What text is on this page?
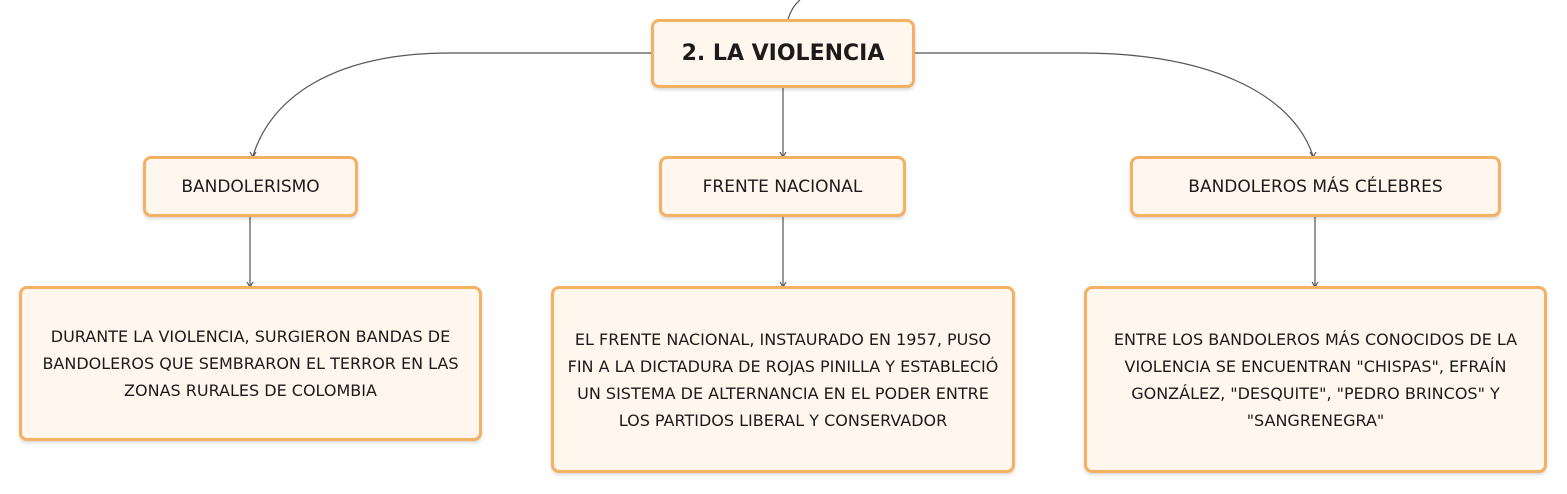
2. LA VIOLENCIA
BANDOLERISMO	FRENTE NACIONAL	BANDOLEROS MÁS CÉLEBRES
DURANTE LA VIOLENCIA, SURGIERON BANDAS DE BANDOLEROS QUE SEMBRARON EL TERROR EN LAS ZONAS RURALES DE COLOMBIA
EL FRENTE NACIONAL, INSTAURADO EN 1957, PUSO FIN A LA DICTADURA DE ROJAS PINILLA Y ESTABLECIÓ UN SISTEMA DE ALTERNANCIA EN EL PODER ENTRE LOS PARTIDOS LIBERAL Y CONSERVADOR
ENTRE LOS BANDOLEROS MÁS CONOCIDOS DE LA VIOLENCIA SE ENCUENTRAN "CHISPAS", EFRAÍN GONZÁLEZ, "DESQUITE", "PEDRO BRINCOS" Y "SANGRENEGRA"
